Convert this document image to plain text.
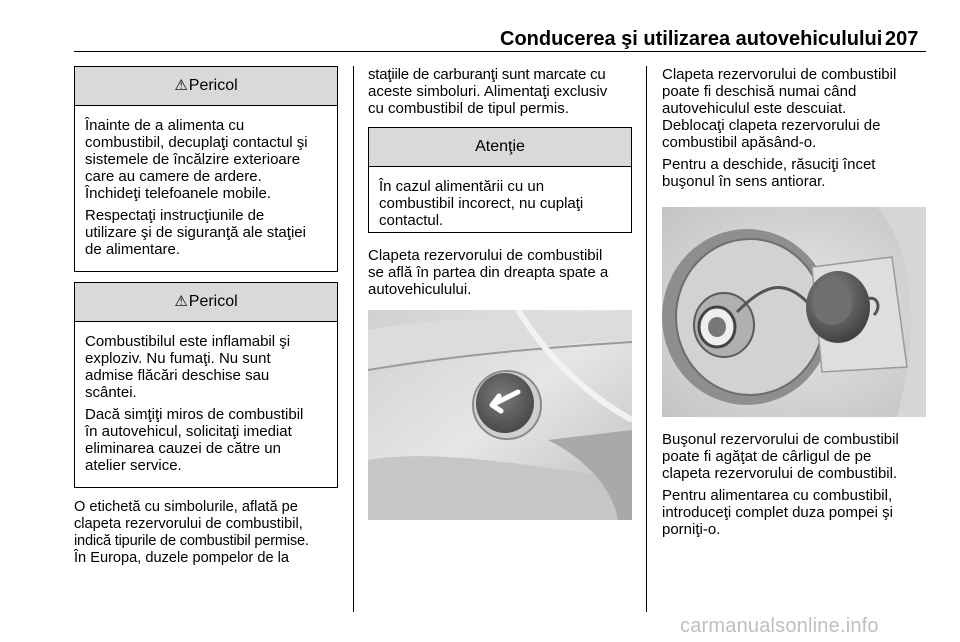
Conducerea şi utilizarea autovehiculului 207
⚠Pericol

Înainte de a alimenta cu
combustibil, decuplaţi contactul şi
sistemele de încălzire exterioare
care au camere de ardere.
Închideţi telefoanele mobile.

Respectaţi instrucţiunile de
utilizare şi de siguranţă ale staţiei
de alimentare.

⚠Pericol

Combustibilul este inflamabil şi
exploziv. Nu fumaţi. Nu sunt
admise flăcări deschise sau
scântei.

Dacă simţiţi miros de combustibil
în autovehicul, solicitaţi imediat
eliminarea cauzei de către un
atelier service.

O etichetă cu simbolurile, aflată pe
clapeta rezervorului de combustibil,
indică tipurile de combustibil permise.
În Europa, duzele pompelor de la

staţiile de carburanţi sunt marcate cu
aceste simboluri. Alimentaţi exclusiv
cu combustibil de tipul permis.

Atenţie

În cazul alimentării cu un
combustibil incorect, nu cuplaţi
contactul.

Clapeta rezervorului de combustibil
se află în partea din dreapta spate a
autovehiculului.

Clapeta rezervorului de combustibil
poate fi deschisă numai când
autovehiculul este descuiat.
Deblocaţi clapeta rezervorului de
combustibil apăsând-o.

Pentru a deschide, răsuciţi încet
buşonul în sens antiorar.

Buşonul rezervorului de combustibil
poate fi agăţat de cârligul de pe
clapeta rezervorului de combustibil.

Pentru alimentarea cu combustibil,
introduceţi complet duza pompei şi
porniţi-o.

carmanualsonline.info
